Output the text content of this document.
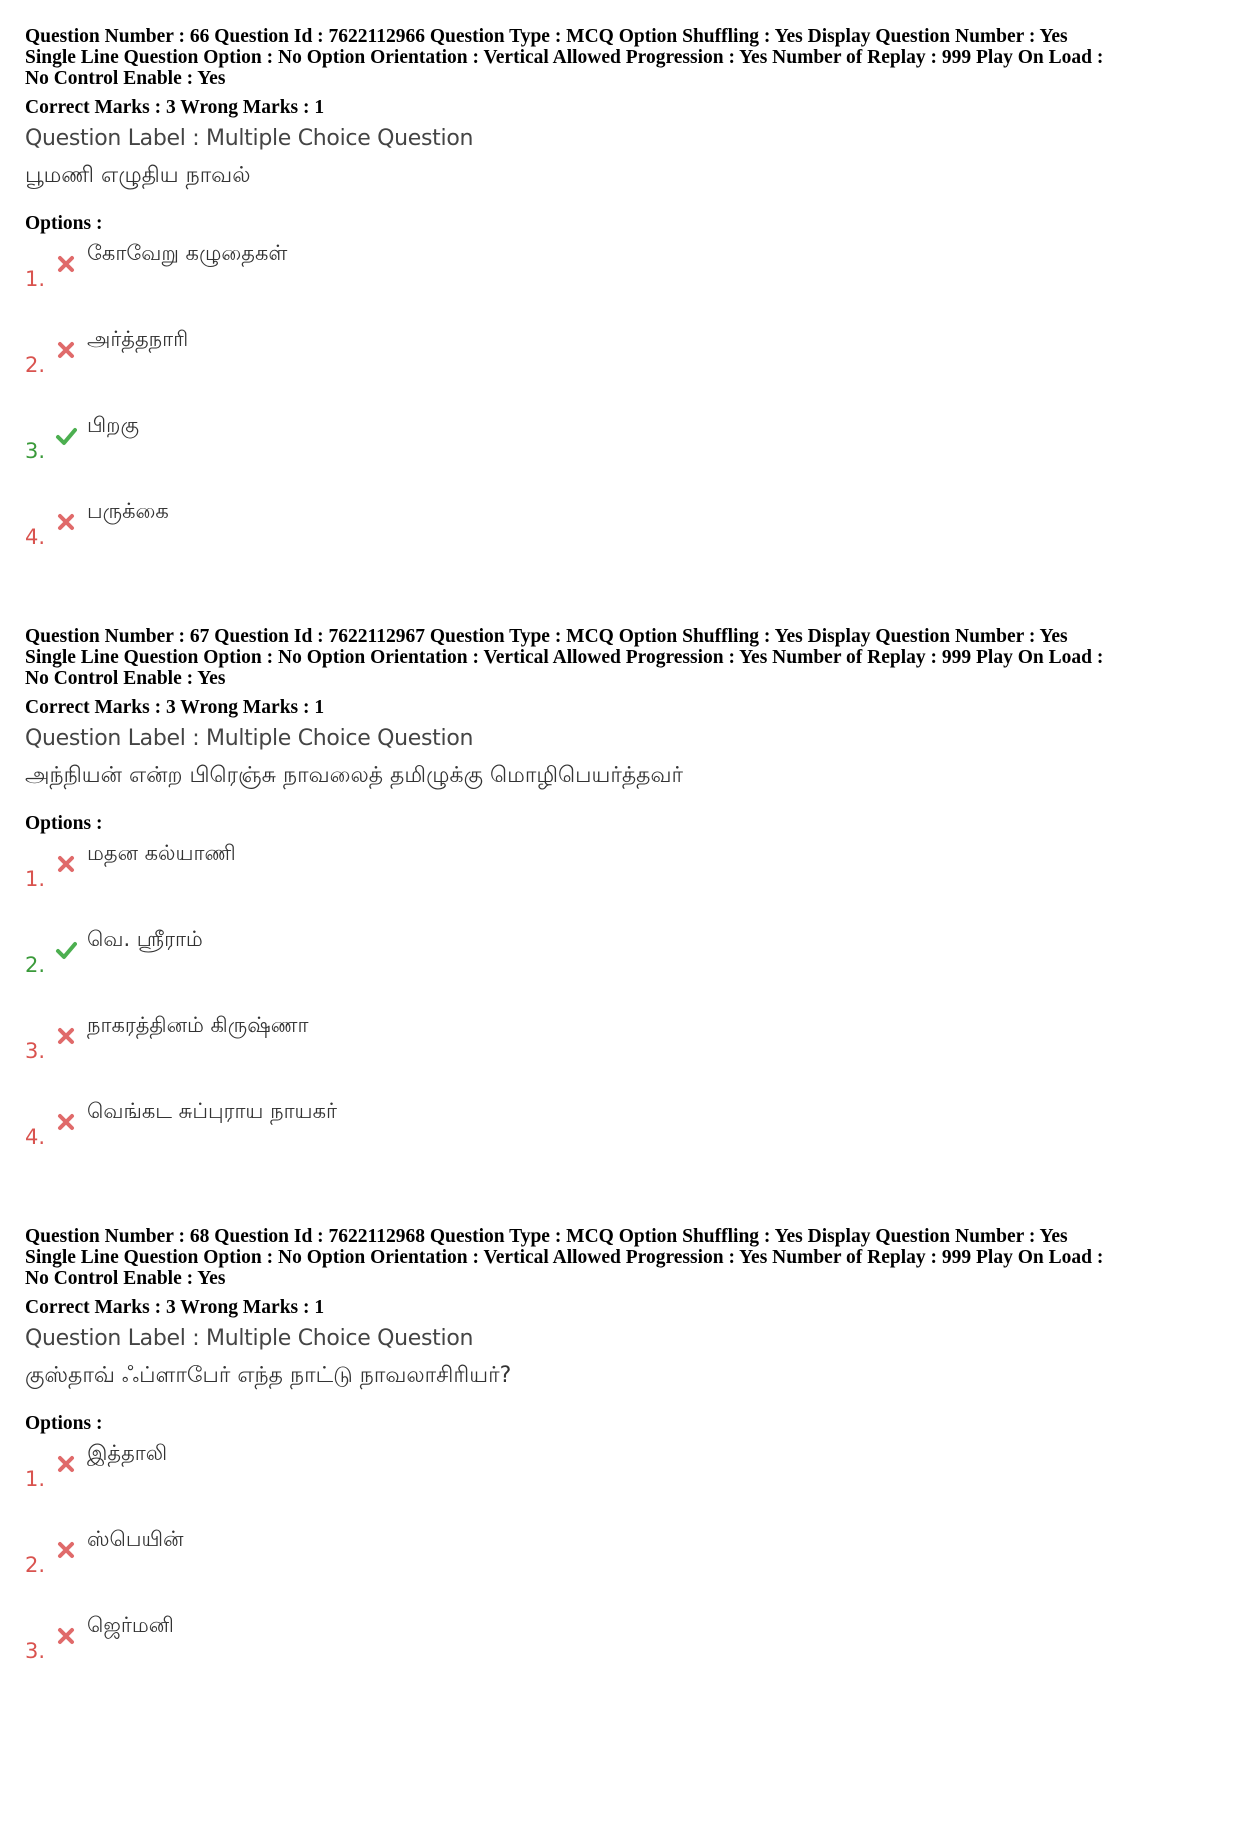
Question Number : 66 Question Id : 7622112966 Question Type : MCQ Option Shuffling : Yes Display Question Number : Yes
Single Line Question Option : No Option Orientation : Vertical Allowed Progression : Yes Number of Replay : 999 Play On Load :
No Control Enable : Yes
Correct Marks : 3 Wrong Marks : 1
Question Label : Multiple Choice Question
பூமணி எழுதிய நாவல்
Options :
1.
கோவேறு கழுதைகள்
2.
அர்த்தநாரி
3.
பிறகு
4.
பருக்கை
Question Number : 67 Question Id : 7622112967 Question Type : MCQ Option Shuffling : Yes Display Question Number : Yes
Single Line Question Option : No Option Orientation : Vertical Allowed Progression : Yes Number of Replay : 999 Play On Load :
No Control Enable : Yes
Correct Marks : 3 Wrong Marks : 1
Question Label : Multiple Choice Question
அந்நியன் என்ற பிரெஞ்சு நாவலைத் தமிழுக்கு மொழிபெயர்த்தவர்
Options :
1.
மதன கல்யாணி
2.
வெ. ஸ்ரீராம்
3.
நாகரத்தினம் கிருஷ்ணா
4.
வெங்கட சுப்புராய நாயகர்
Question Number : 68 Question Id : 7622112968 Question Type : MCQ Option Shuffling : Yes Display Question Number : Yes
Single Line Question Option : No Option Orientation : Vertical Allowed Progression : Yes Number of Replay : 999 Play On Load :
No Control Enable : Yes
Correct Marks : 3 Wrong Marks : 1
Question Label : Multiple Choice Question
குஸ்தாவ் ஃப்ளாபேர் எந்த நாட்டு நாவலாசிரியர்?
Options :
1.
இத்தாலி
2.
ஸ்பெயின்
3.
ஜெர்மனி
